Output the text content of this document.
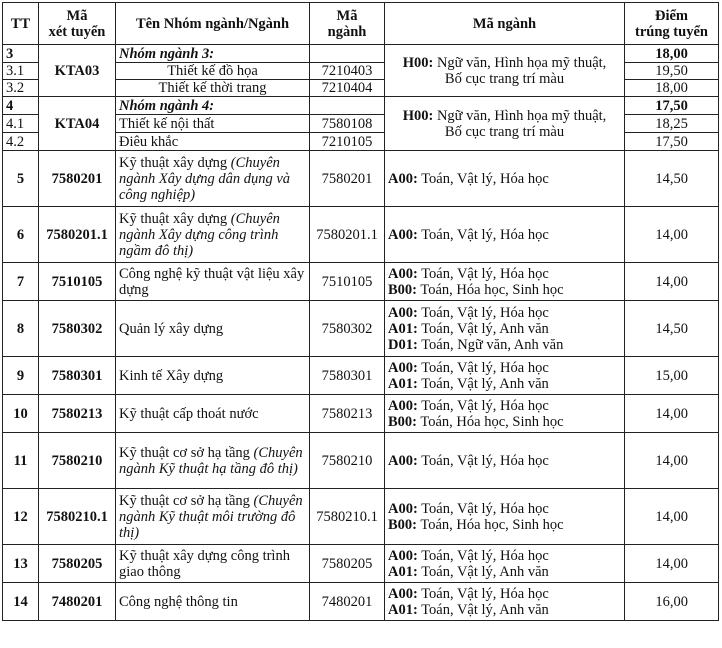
TT	Mã
xét tuyển	Tên Nhóm ngành/Ngành	Mã
ngành	Mã ngành	Điểm
trúng tuyển
3	KTA03	Nhóm ngành 3:		H00: Ngữ văn, Hình họa mỹ thuật,
Bố cục trang trí màu	18,00
3.1		Thiết kế đồ họa	7210403		19,50
3.2		Thiết kế thời trang	7210404		18,00
4	KTA04	Nhóm ngành 4:		H00: Ngữ văn, Hình họa mỹ thuật,
Bố cục trang trí màu	17,50
4.1		Thiết kế nội thất	7580108		18,25
4.2		Điêu khắc	7210105		17,50
5	7580201	Kỹ thuật xây dựng (Chuyên ngành Xây dựng dân dụng và công nghiệp)	7580201	A00: Toán, Vật lý, Hóa học	14,50
6	7580201.1	Kỹ thuật xây dựng (Chuyên ngành Xây dựng công trình ngầm đô thị)	7580201.1	A00: Toán, Vật lý, Hóa học	14,00
7	7510105	Công nghệ kỹ thuật vật liệu xây dựng	7510105	A00: Toán, Vật lý, Hóa học
B00: Toán, Hóa học, Sinh học	14,00
8	7580302	Quản lý xây dựng	7580302	A00: Toán, Vật lý, Hóa học
A01: Toán, Vật lý, Anh văn
D01: Toán, Ngữ văn, Anh văn	14,50
9	7580301	Kinh tế Xây dựng	7580301	A00: Toán, Vật lý, Hóa học
A01: Toán, Vật lý, Anh văn	15,00
10	7580213	Kỹ thuật cấp thoát nước	7580213	A00: Toán, Vật lý, Hóa học
B00: Toán, Hóa học, Sinh học	14,00
11	7580210	Kỹ thuật cơ sở hạ tầng (Chuyên ngành Kỹ thuật hạ tầng đô thị)	7580210	A00: Toán, Vật lý, Hóa học	14,00
12	7580210.1	Kỹ thuật cơ sở hạ tầng (Chuyên ngành Kỹ thuật môi trường đô thị)	7580210.1	A00: Toán, Vật lý, Hóa học
B00: Toán, Hóa học, Sinh học	14,00
13	7580205	Kỹ thuật xây dựng công trình giao thông	7580205	A00: Toán, Vật lý, Hóa học
A01: Toán, Vật lý, Anh văn	14,00
14	7480201	Công nghệ thông tin	7480201	A00: Toán, Vật lý, Hóa học
A01: Toán, Vật lý, Anh văn	16,00
